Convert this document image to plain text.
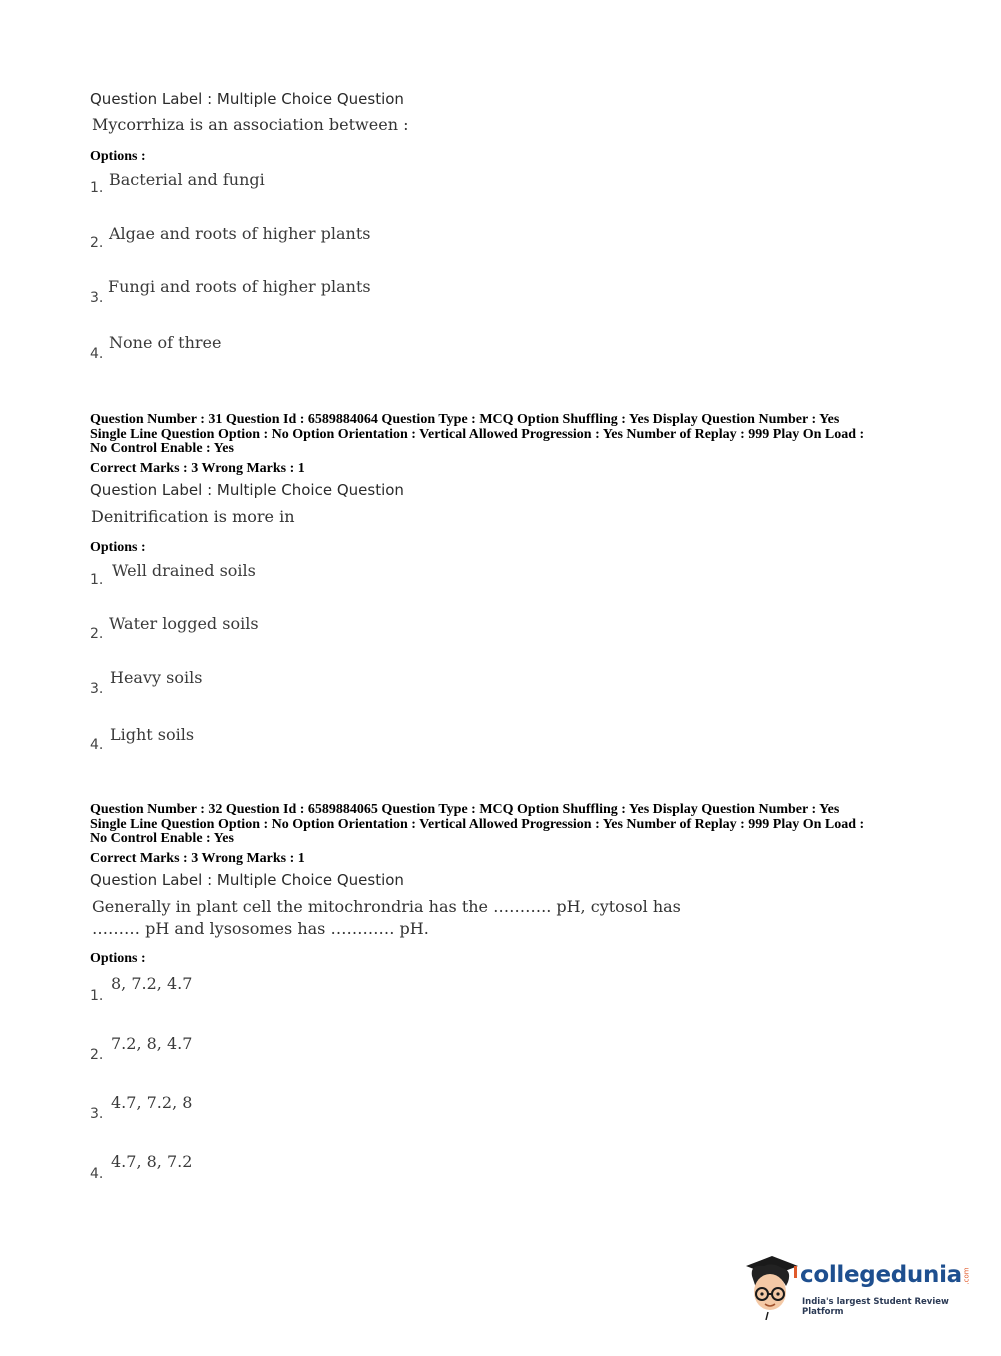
Question Label : Multiple Choice Question
Mycorrhiza is an association between :
Options :
1. Bacterial and fungi
2. Algae and roots of higher plants
3.
Fungi and roots of higher plants
4.
None of three
Question Number : 31 Question Id : 6589884064 Question Type : MCQ Option Shuffling : Yes Display Question Number : Yes
Single Line Question Option : No Option Orientation : Vertical Allowed Progression : Yes Number of Replay : 999 Play On Load :
No Control Enable : Yes
Correct Marks : 3 Wrong Marks : 1
Question Label : Multiple Choice Question
Denitrification is more in
Options :
1. Well drained soils
2.
Water logged soils
3.
Heavy soils
4.
Light soils
Question Number : 32 Question Id : 6589884065 Question Type : MCQ Option Shuffling : Yes Display Question Number : Yes
Single Line Question Option : No Option Orientation : Vertical Allowed Progression : Yes Number of Replay : 999 Play On Load :
No Control Enable : Yes
Correct Marks : 3 Wrong Marks : 1
Question Label : Multiple Choice Question
Generally in plant cell the mitochrondria has the ……….. pH, cytosol has ……… pH and lysosomes has ………… pH.
Options :
1.
8, 7.2, 4.7
2.
7.2, 8, 4.7
3.
4.7, 7.2, 8
4.
4.7, 8, 7.2
collegedunia .com
India's largest Student Review Platform
